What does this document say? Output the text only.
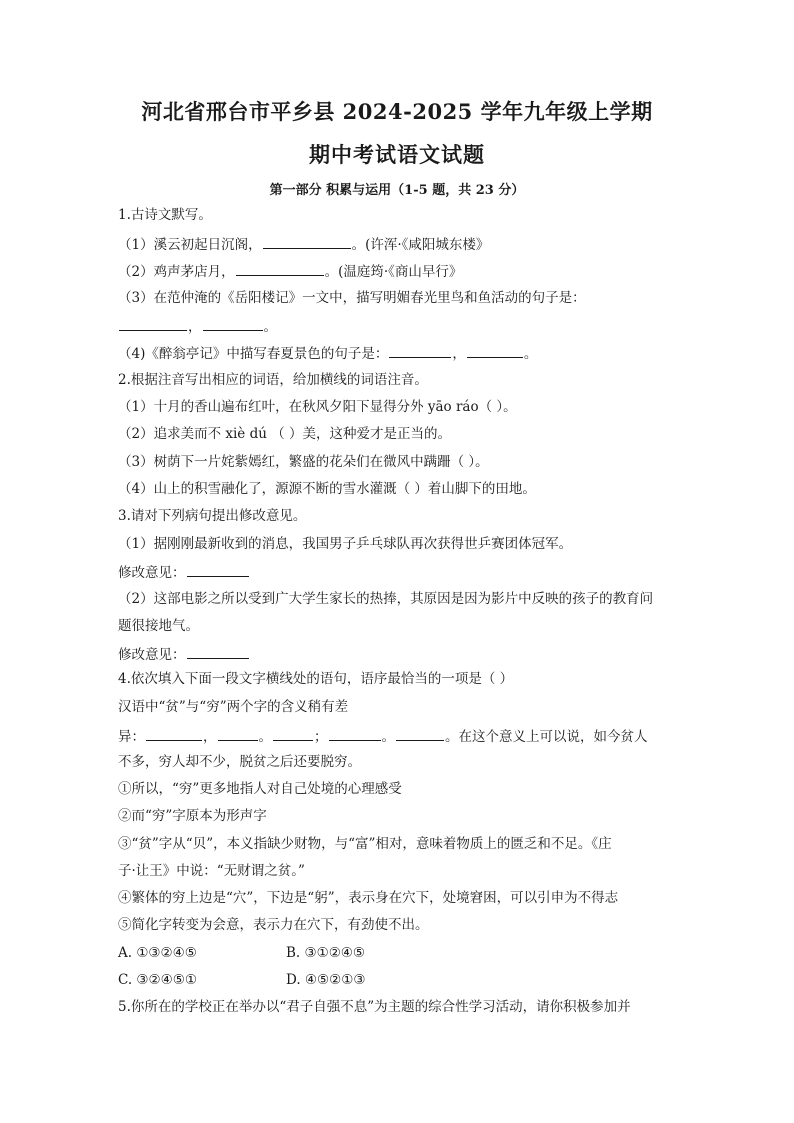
河北省邢台市平乡县 2024-2025 学年九年级上学期
期中考试语文试题
第一部分 积累与运用（1-5 题，共 23 分）
1.古诗文默写。
（1）溪云初起日沉阁，	。(许浑·《咸阳城东楼》
（2）鸡声茅店月，	。(温庭筠·《商山早行》
（3）在范仲淹的《岳阳楼记》一文中，描写明媚春光里鸟和鱼活动的句子是：
，	。
（4)《醉翁亭记》中描写春夏景色的句子是：	，	。
2.根据注音写出相应的词语，给加横线的词语注音。
（1）十月的香山遍布红叶，在秋风夕阳下显得分外 yāo ráo（ ）。
（2）追求美而不 xiè dú （ ）美，这种爱才是正当的。
（3）树荫下一片姹紫嫣红，繁盛的花朵们在微风中蹒跚（ ）。
（4）山上的积雪融化了，源源不断的雪水灌溉（ ）着山脚下的田地。
3.请对下列病句提出修改意见。
（1）据刚刚最新收到的消息，我国男子乒乓球队再次获得世乒赛团体冠军。
修改意见：
（2）这部电影之所以受到广大学生家长的热捧，其原因是因为影片中反映的孩子的教育问
题很接地气。
修改意见：
4.依次填入下面一段文字横线处的语句，语序最恰当的一项是（ ）
汉语中“贫”与“穷”两个字的含义稍有差
异：	，	。	；	。	。在这个意义上可以说，如今贫人
不多，穷人却不少，脱贫之后还要脱穷。
①所以，“穷”更多地指人对自己处境的心理感受
②而“穷”字原本为形声字
③“贫”字从“贝”，本义指缺少财物，与“富”相对，意味着物质上的匮乏和不足。《庄
子·让王》中说：“无财谓之贫。”
④繁体的穷上边是“穴”，下边是“躬”，表示身在穴下，处境窘困，可以引申为不得志
⑤简化字转变为会意，表示力在穴下，有劲使不出。
A. ①③②④⑤	B. ③①②④⑤
C. ③②④⑤①	D. ④⑤②①③
5.你所在的学校正在举办以“君子自强不息”为主题的综合性学习活动，请你积极参加并
